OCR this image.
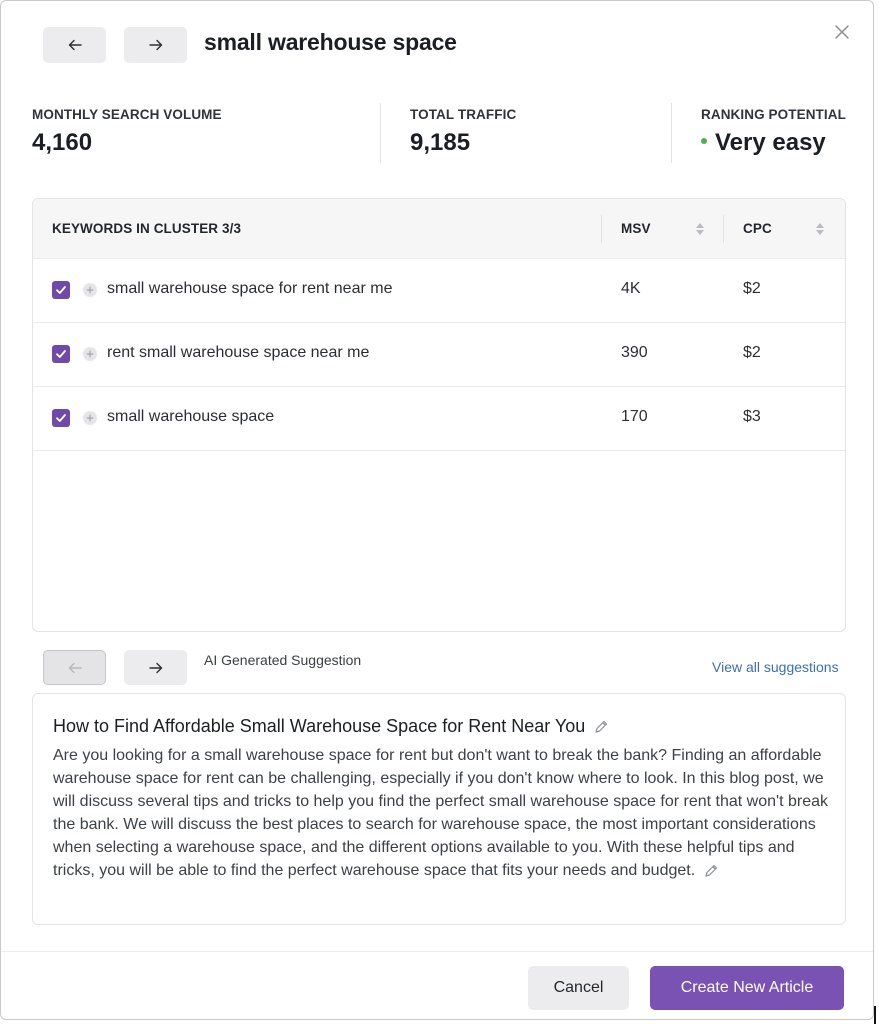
small warehouse space
MONTHLY SEARCH VOLUME
4,160
TOTAL TRAFFIC
9,185
RANKING POTENTIAL
Very easy
KEYWORDS IN CLUSTER 3/3	MSV	CPC
small warehouse space for rent near me	4K	$2
rent small warehouse space near me	390	$2
small warehouse space	170	$3
AI Generated Suggestion	View all suggestions
How to Find Affordable Small Warehouse Space for Rent Near You
Are you looking for a small warehouse space for rent but don't want to break the bank? Finding an affordable warehouse space for rent can be challenging, especially if you don't know where to look. In this blog post, we will discuss several tips and tricks to help you find the perfect small warehouse space for rent that won't break the bank. We will discuss the best places to search for warehouse space, the most important considerations when selecting a warehouse space, and the different options available to you. With these helpful tips and tricks, you will be able to find the perfect warehouse space that fits your needs and budget.
Cancel	Create New Article
